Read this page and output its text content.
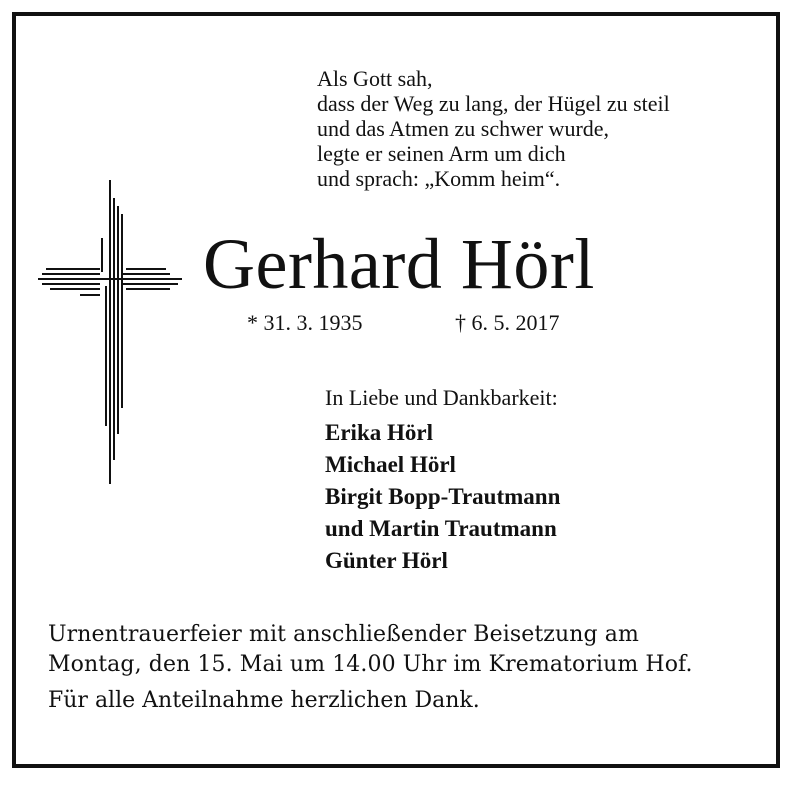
Als Gott sah,
dass der Weg zu lang, der Hügel zu steil
und das Atmen zu schwer wurde,
legte er seinen Arm um dich
und sprach: „Komm heim“.
Gerhard Hörl
* 31. 3. 1935	† 6. 5. 2017
In Liebe und Dankbarkeit:
Erika Hörl
Michael Hörl
Birgit Bopp-Trautmann
und Martin Trautmann
Günter Hörl
Urnentrauerfeier mit anschließender Beisetzung am
Montag, den 15. Mai um 14.00 Uhr im Krematorium Hof.
Für alle Anteilnahme herzlichen Dank.
